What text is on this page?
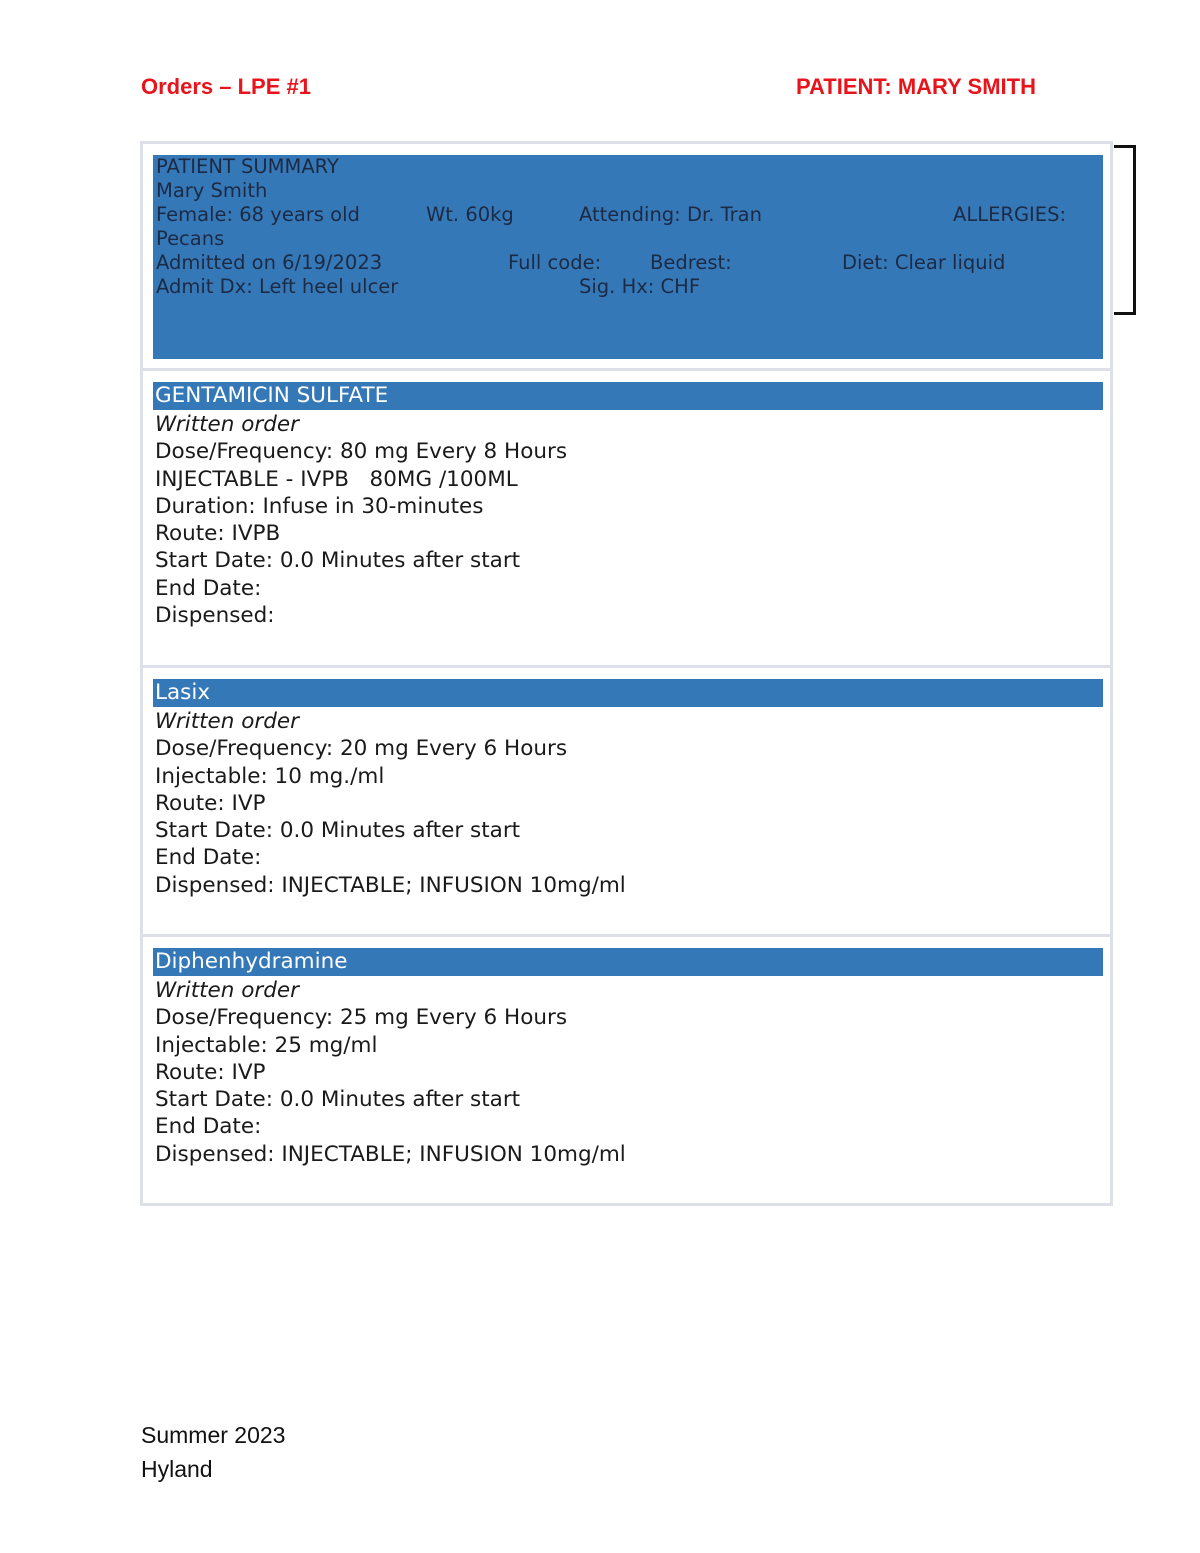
Orders – LPE #1	PATIENT: MARY SMITH
PATIENT SUMMARY
Mary Smith
Female: 68 years old	Wt. 60kg	Attending: Dr. Tran	ALLERGIES:
Pecans
Admitted on 6/19/2023	Full code:	Bedrest:	Diet: Clear liquid
Admit Dx: Left heel ulcer	Sig. Hx: CHF
GENTAMICIN SULFATE
Written order
Dose/Frequency: 80 mg Every 8 Hours
INJECTABLE - IVPB   80MG /100ML
Duration: Infuse in 30-minutes
Route: IVPB
Start Date: 0.0 Minutes after start
End Date:
Dispensed:
Lasix
Written order
Dose/Frequency: 20 mg Every 6 Hours
Injectable: 10 mg./ml
Route: IVP
Start Date: 0.0 Minutes after start
End Date:
Dispensed: INJECTABLE; INFUSION 10mg/ml
Diphenhydramine
Written order
Dose/Frequency: 25 mg Every 6 Hours
Injectable: 25 mg/ml
Route: IVP
Start Date: 0.0 Minutes after start
End Date:
Dispensed: INJECTABLE; INFUSION 10mg/ml
Summer 2023
Hyland
